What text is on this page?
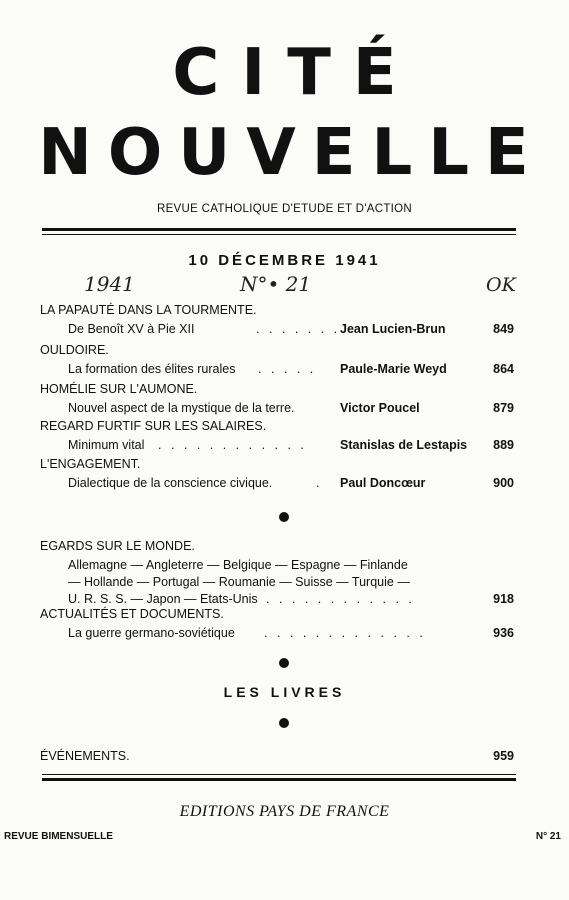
CITÉ
NOUVELLE
REVUE CATHOLIQUE D'ETUDE ET D'ACTION
10 DÉCEMBRE 1941
1941	N°• 21	OK
LA PAPAUTÉ DANS LA TOURMENTE.
De Benoît XV à Pie XII	. . . . . . . Jean Lucien-Brun	849
OULDOIRE.
La formation des élites rurales . . . . . Paule-Marie Weyd	864
HOMÉLIE SUR L'AUMONE.
Nouvel aspect de la mystique de la terre.	Victor Poucel	879
REGARD FURTIF SUR LES SALAIRES.
Minimum vital . . . . . . . . . . . .	Stanislas de Lestapis 889
L'ENGAGEMENT.
Dialectique de la conscience civique.	. Paul Doncœur	900
EGARDS SUR LE MONDE.
Allemagne — Angleterre — Belgique — Espagne — Finlande
— Hollande — Portugal — Roumanie — Suisse — Turquie —
U. R. S. S. — Japon — Etats-Unis . . . . . . . . . . . .	918
ACTUALITÉS ET DOCUMENTS.
La guerre germano-soviétique . . . . . . . . . . . . .	936
LES LIVRES
ÉVÉNEMENTS.	959
EDITIONS PAYS DE FRANCE
REVUE BIMENSUELLE	N° 21
